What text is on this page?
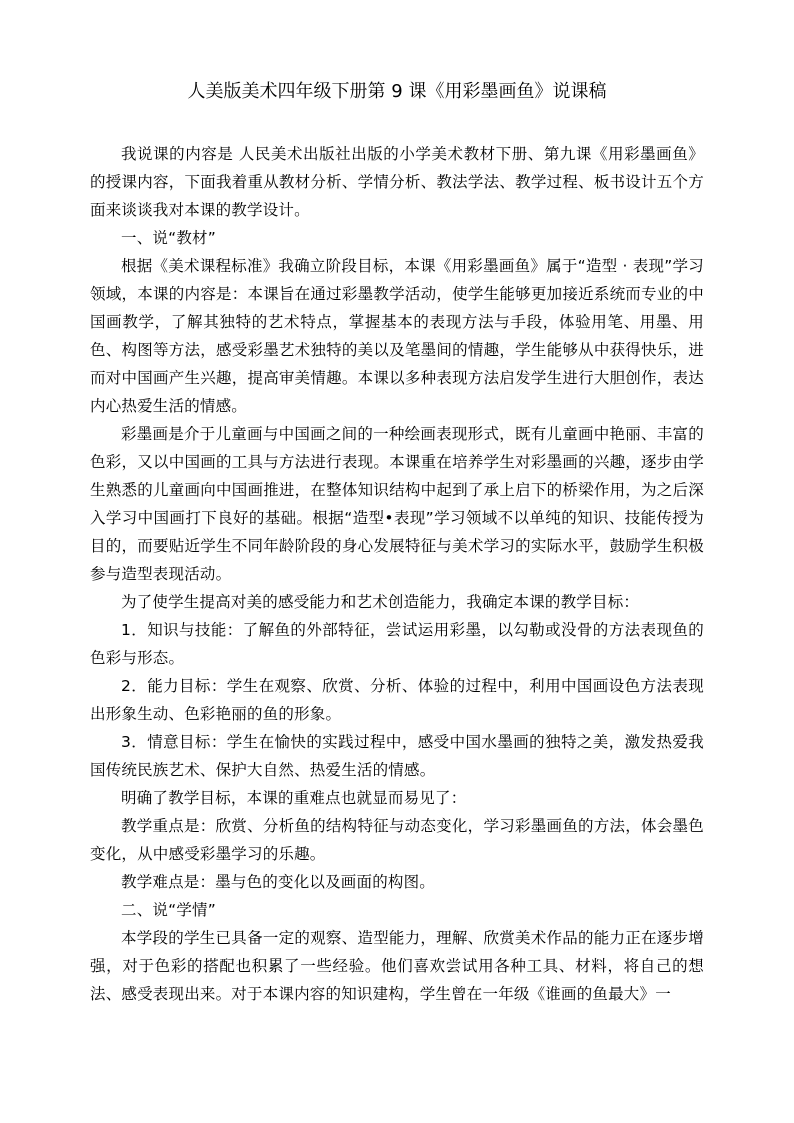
人美版美术四年级下册第 9 课《用彩墨画鱼》说课稿

我说课的内容是 人民美术出版社出版的小学美术教材下册、第九课《用彩墨画鱼》的授课内容，下面我着重从教材分析、学情分析、教法学法、教学过程、板书设计五个方面来谈谈我对本课的教学设计。

一、说“教材”

根据《美术课程标准》我确立阶段目标，本课《用彩墨画鱼》属于“造型 · 表现”学习领域，本课的内容是：本课旨在通过彩墨教学活动，使学生能够更加接近系统而专业的中国画教学，了解其独特的艺术特点，掌握基本的表现方法与手段，体验用笔、用墨、用色、构图等方法，感受彩墨艺术独特的美以及笔墨间的情趣，学生能够从中获得快乐，进而对中国画产生兴趣，提高审美情趣。本课以多种表现方法启发学生进行大胆创作，表达内心热爱生活的情感。

彩墨画是介于儿童画与中国画之间的一种绘画表现形式，既有儿童画中艳丽、丰富的色彩，又以中国画的工具与方法进行表现。本课重在培养学生对彩墨画的兴趣，逐步由学生熟悉的儿童画向中国画推进，在整体知识结构中起到了承上启下的桥梁作用，为之后深入学习中国画打下良好的基础。根据“造型•表现”学习领域不以单纯的知识、技能传授为目的，而要贴近学生不同年龄阶段的身心发展特征与美术学习的实际水平，鼓励学生积极参与造型表现活动。

为了使学生提高对美的感受能力和艺术创造能力，我确定本课的教学目标：

1．知识与技能：了解鱼的外部特征，尝试运用彩墨，以勾勒或没骨的方法表现鱼的色彩与形态。

2．能力目标：学生在观察、欣赏、分析、体验的过程中，利用中国画设色方法表现出形象生动、色彩艳丽的鱼的形象。

3．情意目标：学生在愉快的实践过程中，感受中国水墨画的独特之美，激发热爱我国传统民族艺术、保护大自然、热爱生活的情感。

明确了教学目标，本课的重难点也就显而易见了：

教学重点是：欣赏、分析鱼的结构特征与动态变化，学习彩墨画鱼的方法，体会墨色变化，从中感受彩墨学习的乐趣。

教学难点是：墨与色的变化以及画面的构图。

二、说“学情”

本学段的学生已具备一定的观察、造型能力，理解、欣赏美术作品的能力正在逐步增强，对于色彩的搭配也积累了一些经验。他们喜欢尝试用各种工具、材料，将自己的想法、感受表现出来。对于本课内容的知识建构，学生曾在一年级《谁画的鱼最大》一
